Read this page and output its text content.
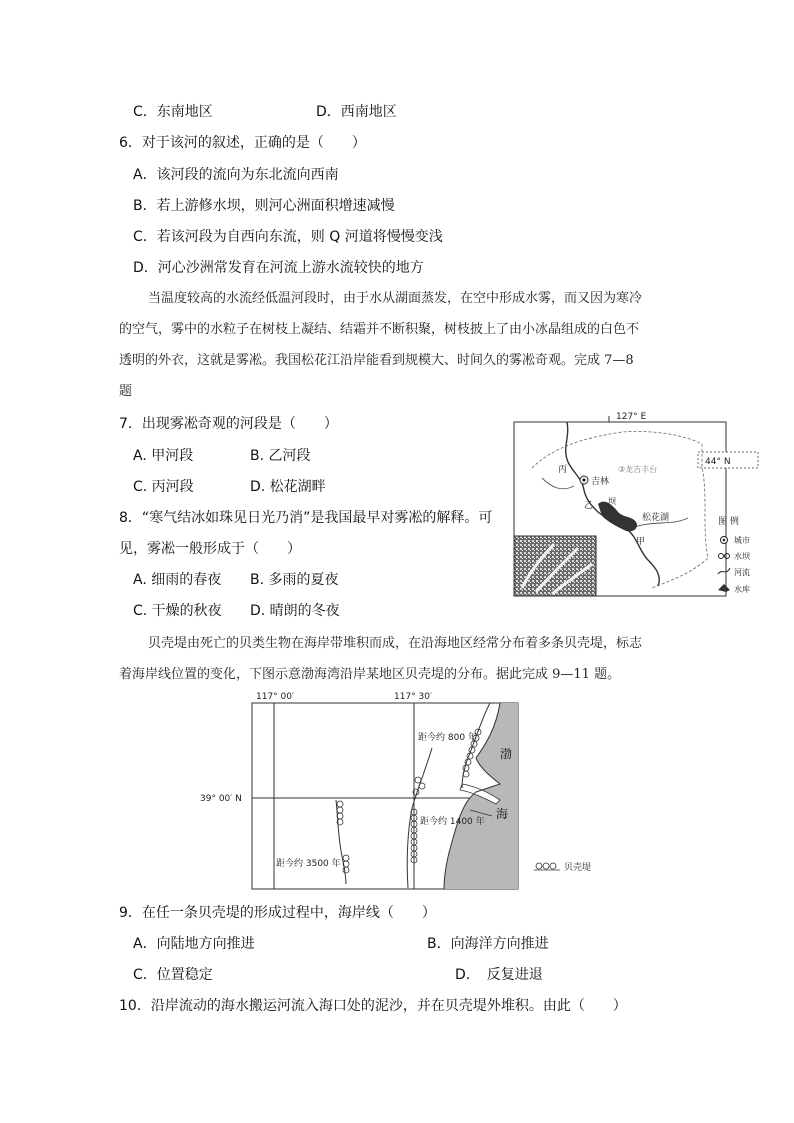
C．东南地区	D．西南地区
6．对于该河的叙述，正确的是（　　）
A．该河段的流向为东北流向西南
B．若上游修水坝，则河心洲面积增速减慢
C．若该河段为自西向东流，则 Q 河道将慢慢变浅
D．河心沙洲常发育在河流上游水流较快的地方
当温度较高的水流经低温河段时，由于水从湖面蒸发，在空中形成水雾，而又因为寒冷
的空气，雾中的水粒子在树枝上凝结、结霜并不断积聚，树枝披上了由小冰晶组成的白色不
透明的外衣，这就是雾凇。我国松花江沿岸能看到规模大、时间久的雾凇奇观。完成 7—8
题
7．出现雾凇奇观的河段是（　　）
A. 甲河段	B. 乙河段
C. 丙河段	D. 松花湖畔
8．“寒气结冰如珠见日光乃消”是我国最早对雾凇的解释。可
见，雾凇一般形成于（　　）
A. 细雨的春夜 B. 多雨的夏夜
C. 干燥的秋夜 D. 晴朗的冬夜
127° E
44° N
吉林
③龙吉丰台
丙
乙
甲
松花湖
坝
图 例
城市
水坝
河流
水库
贝壳堤由死亡的贝类生物在海岸带堆积而成，在沿海地区经常分布着多条贝壳堤，标志
着海岸线位置的变化，下图示意渤海湾沿岸某地区贝壳堤的分布。据此完成 9—11 题。
117° 00′	117° 30′
39° 00′ N
渤
海
距今约 3500 年
距今约 1400 年
距今约 800 年
贝壳堤
9．在任一条贝壳堤的形成过程中，海岸线（　　）
A．向陆地方向推进	B．向海洋方向推进
C．位置稳定	D．　反复进退
10．沿岸流动的海水搬运河流入海口处的泥沙，并在贝壳堤外堆积。由此（　　）
